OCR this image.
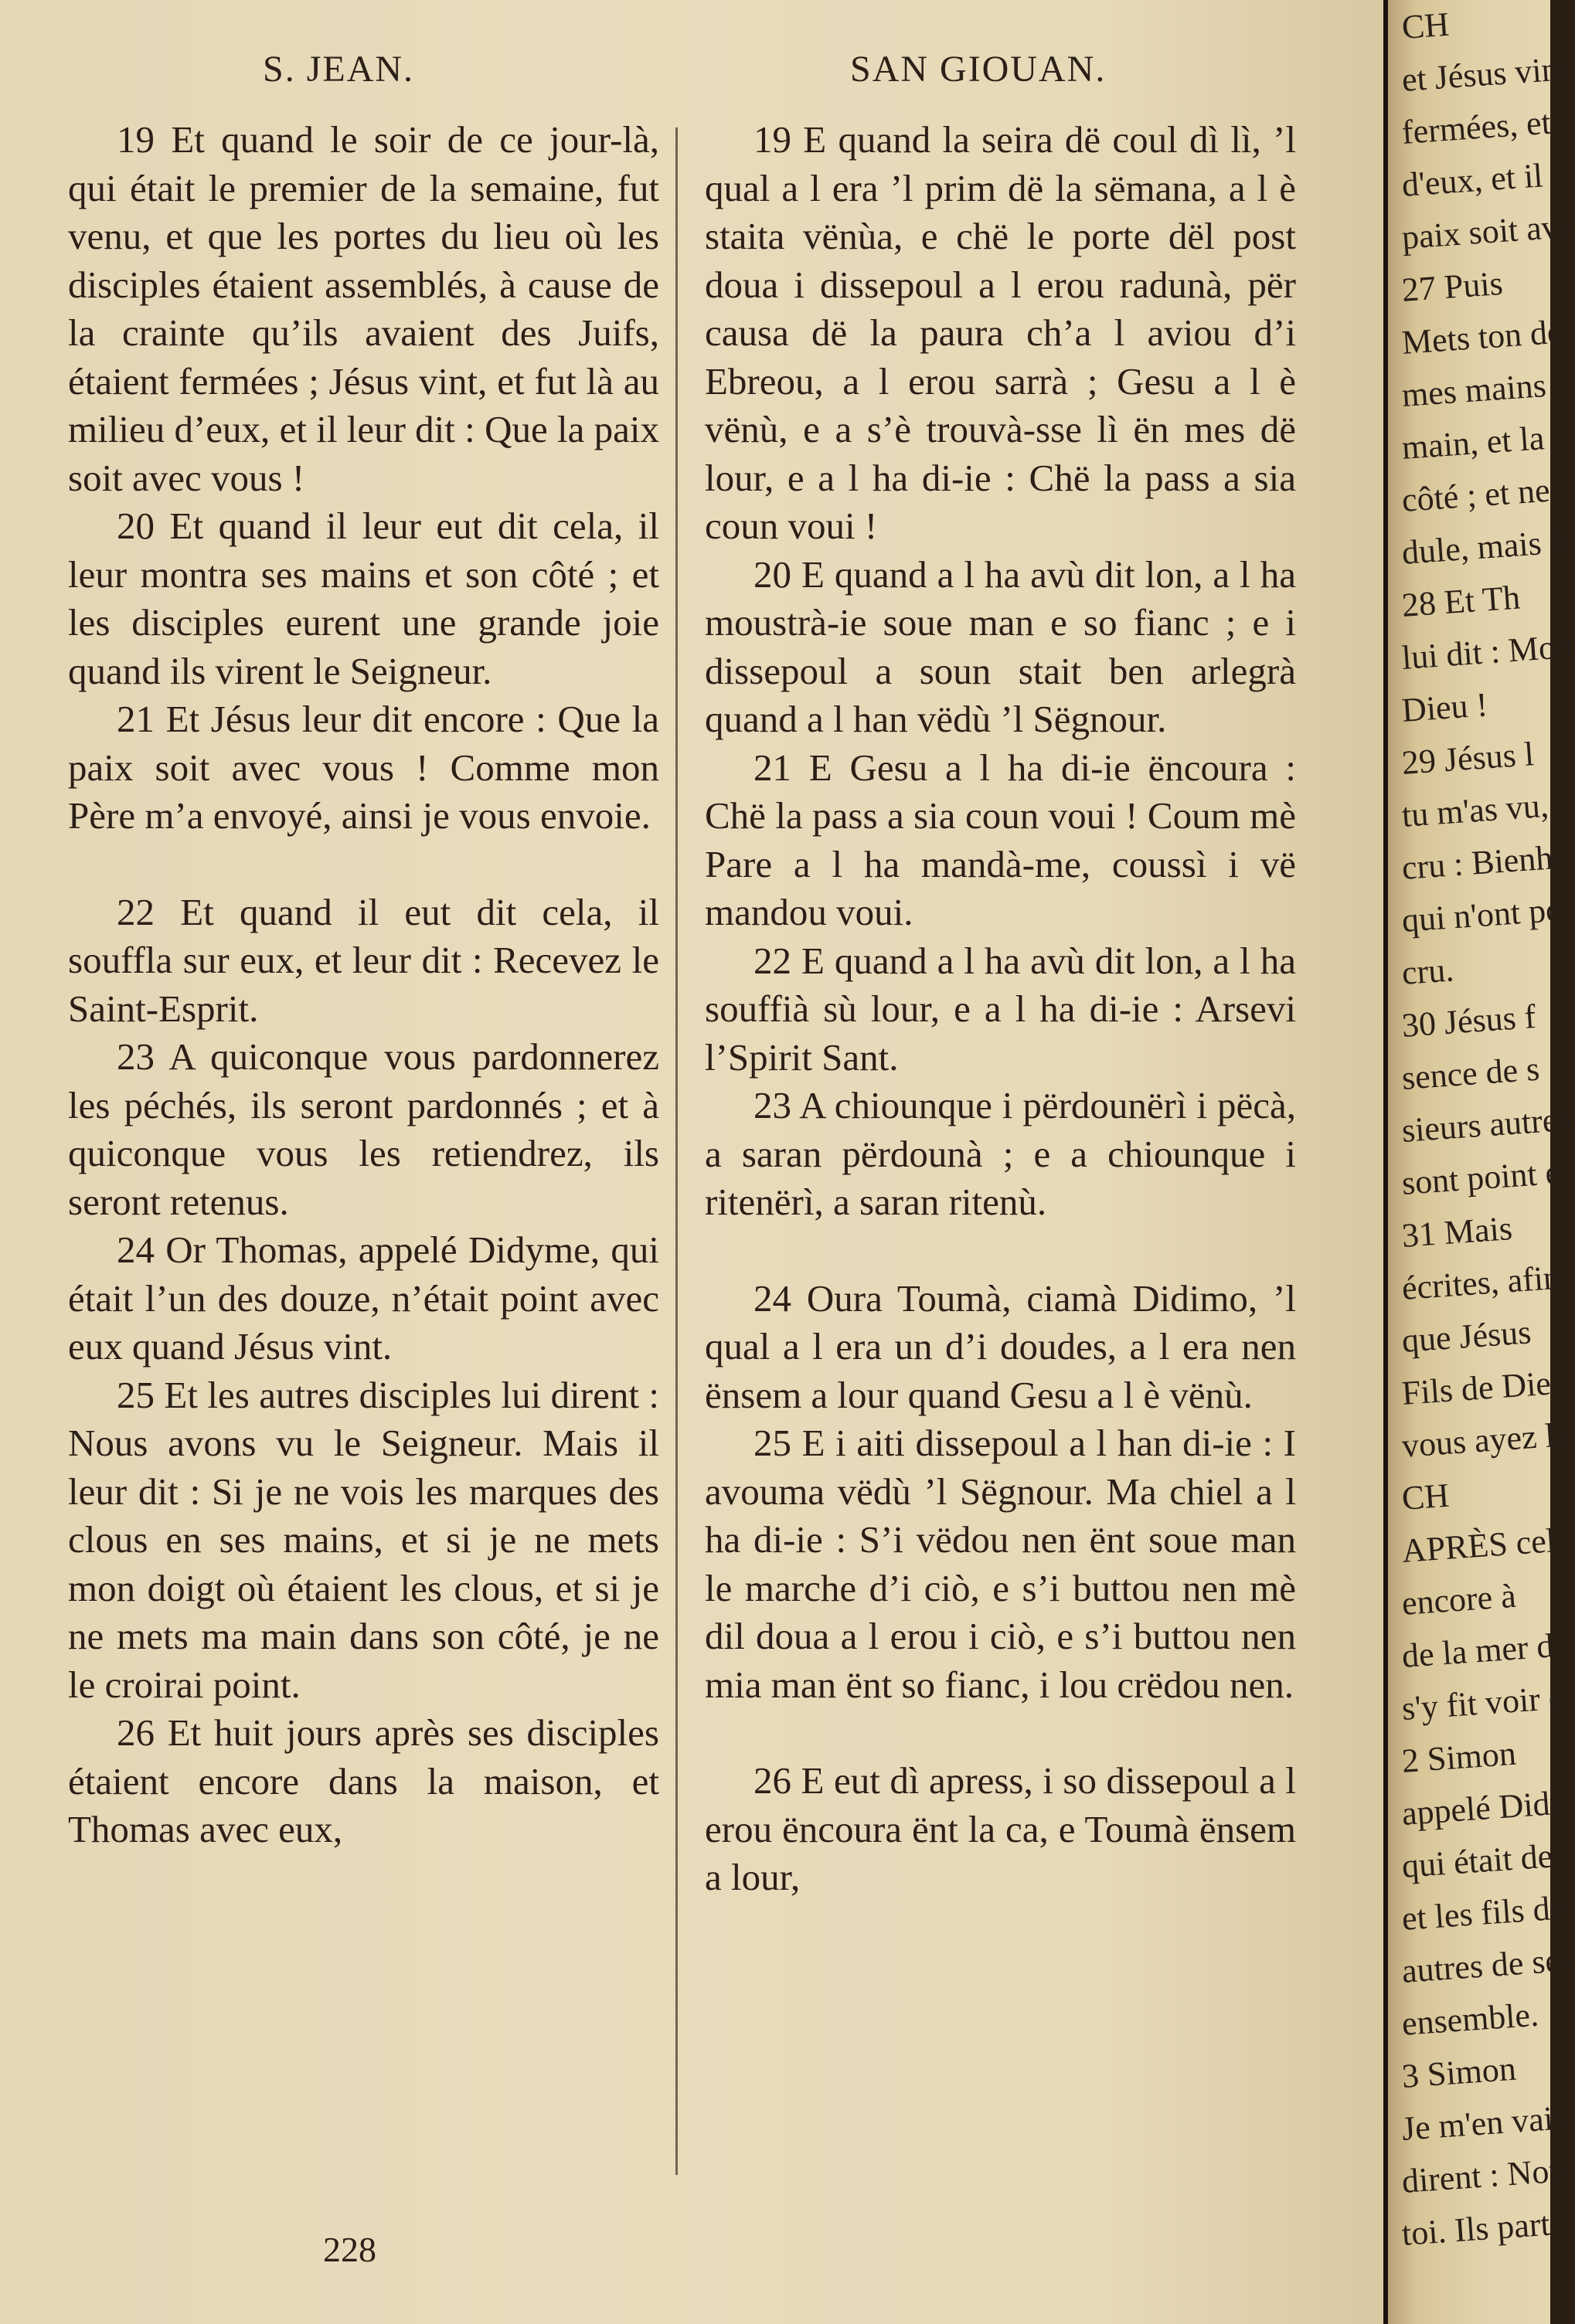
S. JEAN.	SAN GIOUAN.

19 Et quand le soir de ce jour-là, qui était le premier de la semaine, fut venu, et que les portes du lieu où les disciples étaient assemblés, à cause de la crainte qu’ils avaient des Juifs, étaient fermées ; Jésus vint, et fut là au milieu d’eux, et il leur dit : Que la paix soit avec vous !

20 Et quand il leur eut dit cela, il leur montra ses mains et son côté ; et les disciples eurent une grande joie quand ils virent le Seigneur.

21 Et Jésus leur dit encore : Que la paix soit avec vous ! Comme mon Père m’a envoyé, ainsi je vous envoie.

22 Et quand il eut dit cela, il souffla sur eux, et leur dit : Recevez le Saint-Esprit.

23 A quiconque vous pardonnerez les péchés, ils seront pardonnés ; et à quiconque vous les retiendrez, ils seront retenus.

24 Or Thomas, appelé Didyme, qui était l’un des douze, n’était point avec eux quand Jésus vint.

25 Et les autres disciples lui dirent : Nous avons vu le Seigneur. Mais il leur dit : Si je ne vois les marques des clous en ses mains, et si je ne mets mon doigt où étaient les clous, et si je ne mets ma main dans son côté, je ne le croirai point.

26 Et huit jours après ses disciples étaient encore dans la maison, et Thomas avec eux,

19 E quand la seira dë coul dì lì, ’l qual a l era ’l prim dë la sëmana, a l è staita vënùa, e chë le porte dël post doua i dissepoul a l erou radunà, për causa dë la paura ch’a l aviou d’i Ebreou, a l erou sarrà ; Gesu a l è vënù, e a s’è trouvà-sse lì ën mes dë lour, e a l ha di-ie : Chë la pass a sia coun voui !

20 E quand a l ha avù dit lon, a l ha moustrà-ie soue man e so fianc ; e i dissepoul a soun stait ben arlegrà quand a l han vëdù ’l Sëgnour.

21 E Gesu a l ha di-ie ëncoura : Chë la pass a sia coun voui ! Coum mè Pare a l ha mandà-me, coussì i vë mandou voui.

22 E quand a l ha avù dit lon, a l ha souffià sù lour, e a l ha di-ie : Arsevi l’Spirit Sant.

23 A chiounque i përdounërì i pëcà, a saran përdounà ; e a chiounque i ritenërì, a saran ritenù.

24 Oura Toumà, ciamà Didimo, ’l qual a l era un d’i doudes, a l era nen ënsem a lour quand Gesu a l è vënù.

25 E i aiti dissepoul a l han di-ie : I avouma vëdù ’l Sëgnour. Ma chiel a l ha di-ie : S’i vëdou nen ënt soue man le marche d’i ciò, e s’i buttou nen mè dil doua a l erou i ciò, e s’i buttou nen mia man ënt so fianc, i lou crëdou nen.

26 E eut dì apress, i so dissepoul a l erou ëncoura ënt la ca, e Toumà ënsem a lour,

228
CH
et Jésus vint
fermées, et
d'eux, et il
paix soit ave
27 Puis
Mets ton do
mes mains ;
main, et la
côté ; et ne
dule, mais fi
28 Et Th
lui dit : Mon
Dieu !
29 Jésus l
tu m'as vu,
cru : Bienhe
qui n'ont po
cru.
30 Jésus f
sence de s
sieurs autres
sont point é
31 Mais
écrites, afin
que Jésus
Fils de Die
vous ayez la
CH
APRÈS cel
encore à
de la mer d
s'y fit voir e
2 Simon
appelé Didy
qui était de
et les fils de
autres de ses
ensemble.
3 Simon
Je m'en vais
dirent : Nou
toi. Ils part
